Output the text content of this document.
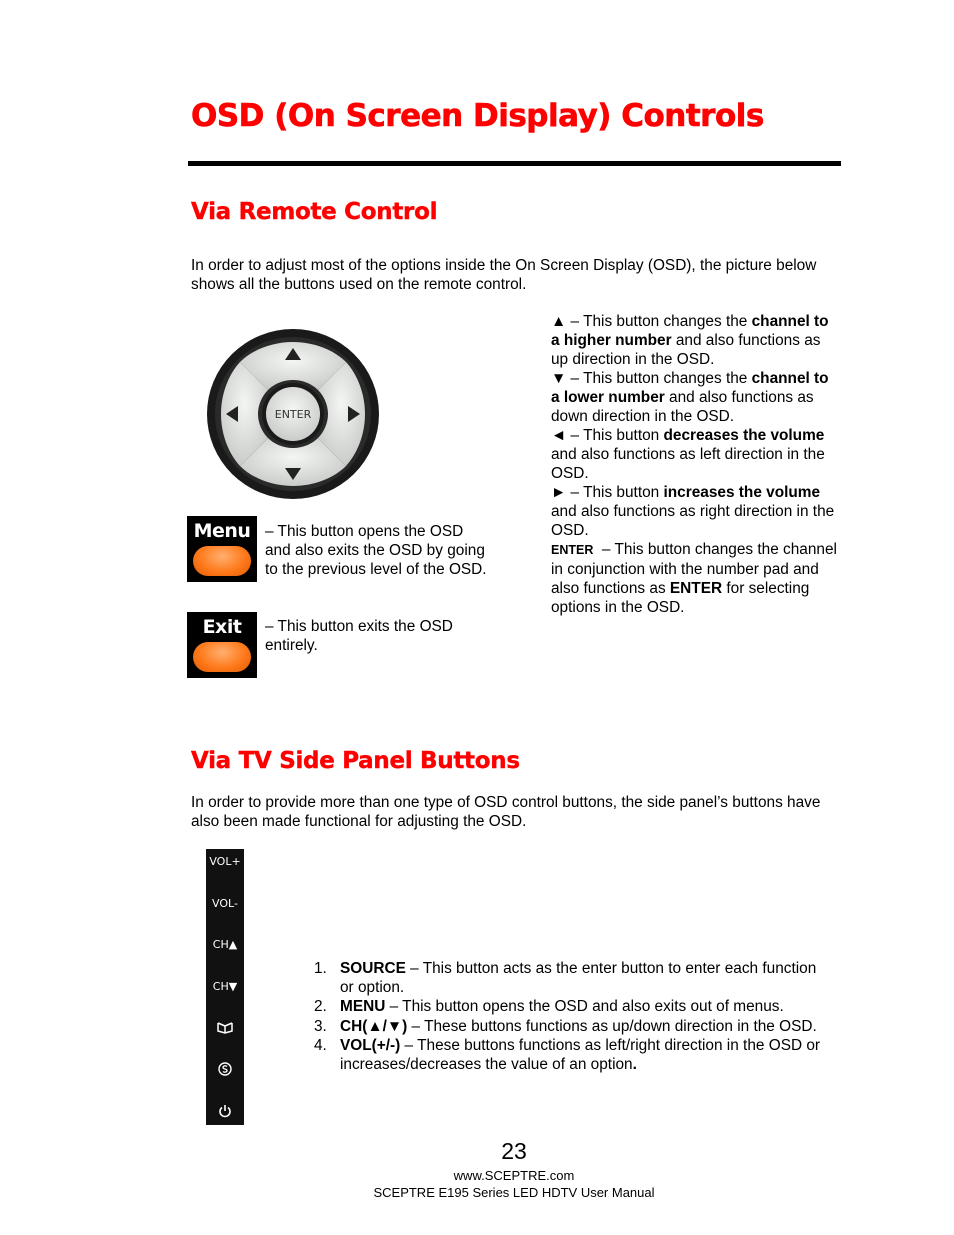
OSD (On Screen Display) Controls
Via Remote Control

In order to adjust most of the options inside the On Screen Display (OSD), the picture below shows all the buttons used on the remote control.

ENTER
Menu – This button opens the OSD and also exits the OSD by going to the previous level of the OSD.

Exit	– This button exits the OSD entirely.

▲ – This button changes the channel to a higher number and also functions as up direction in the OSD.
▼ – This button changes the channel to a lower number and also functions as down direction in the OSD.
◄ – This button decreases the volume and also functions as left direction in the OSD.
► – This button increases the volume and also functions as right direction in the OSD.
ENTER  – This button changes the channel in conjunction with the number pad and also functions as ENTER for selecting options in the OSD.
Via TV Side Panel Buttons

In order to provide more than one type of OSD control buttons, the side panel’s buttons have also been made functional for adjusting the OSD.

VOL+
VOL-
CH▲
CH▼
1. SOURCE – This button acts as the enter button to enter each function or option.
2. MENU – This button opens the OSD and also exits out of menus.
3. CH(▲/▼) – These buttons functions as up/down direction in the OSD.
4. VOL(+/-) – These buttons functions as left/right direction in the OSD or increases/decreases the value of an option.
23
www.SCEPTRE.com
SCEPTRE E195 Series LED HDTV User Manual
